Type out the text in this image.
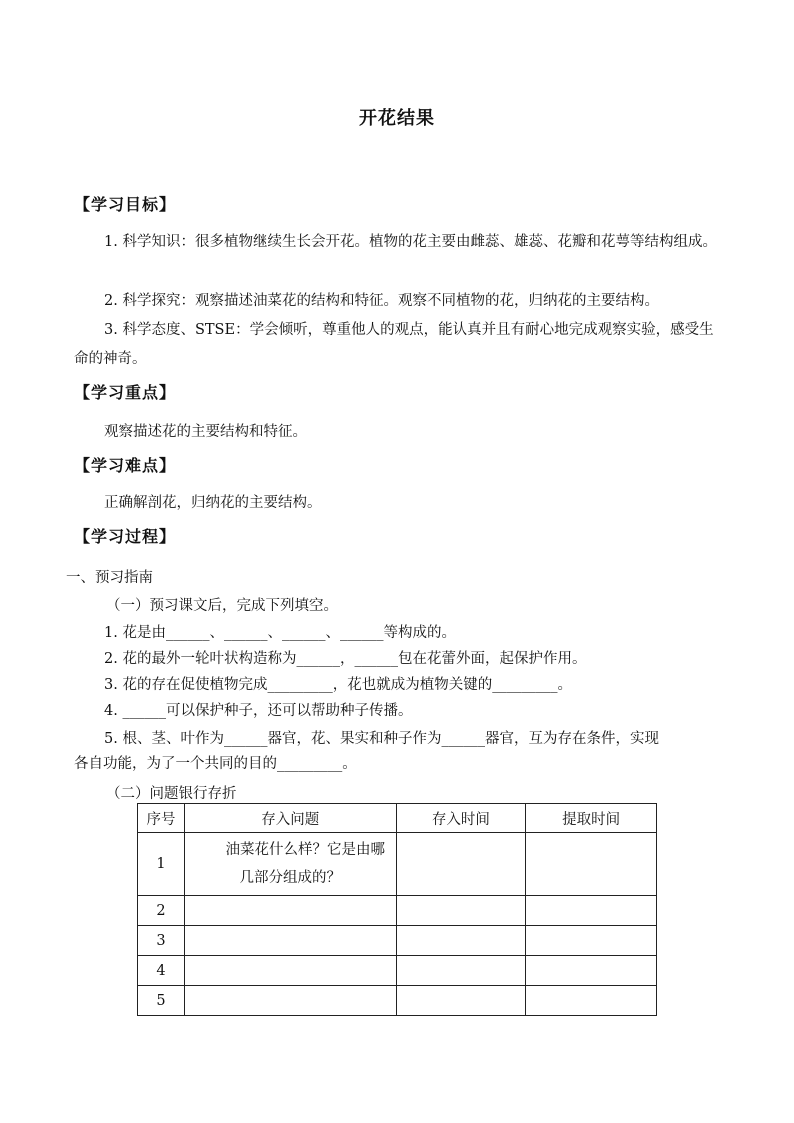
开花结果
【学习目标】
1. 科学知识：很多植物继续生长会开花。植物的花主要由雌蕊、雄蕊、花瓣和花萼等结构组成。
2. 科学探究：观察描述油菜花的结构和特征。观察不同植物的花，归纳花的主要结构。
3. 科学态度、STSE：学会倾听，尊重他人的观点，能认真并且有耐心地完成观察实验，感受生命的神奇。
【学习重点】
观察描述花的主要结构和特征。
【学习难点】
正确解剖花，归纳花的主要结构。
【学习过程】
一、预习指南
（一）预习课文后，完成下列填空。
1. 花是由______、______、______、______等构成的。
2. 花的最外一轮叶状构造称为______，______包在花蕾外面，起保护作用。
3. 花的存在促使植物完成_________，花也就成为植物关键的_________。
4. ______可以保护种子，还可以帮助种子传播。
5. 根、茎、叶作为______器官，花、果实和种子作为______器官，互为存在条件，实现
各自功能，为了一个共同的目的_________。
（二）问题银行存折
序号	存入问题	存入时间	提取时间
1	油菜花什么样？它是由哪几部分组成的？		
2			
3			
4			
5			
